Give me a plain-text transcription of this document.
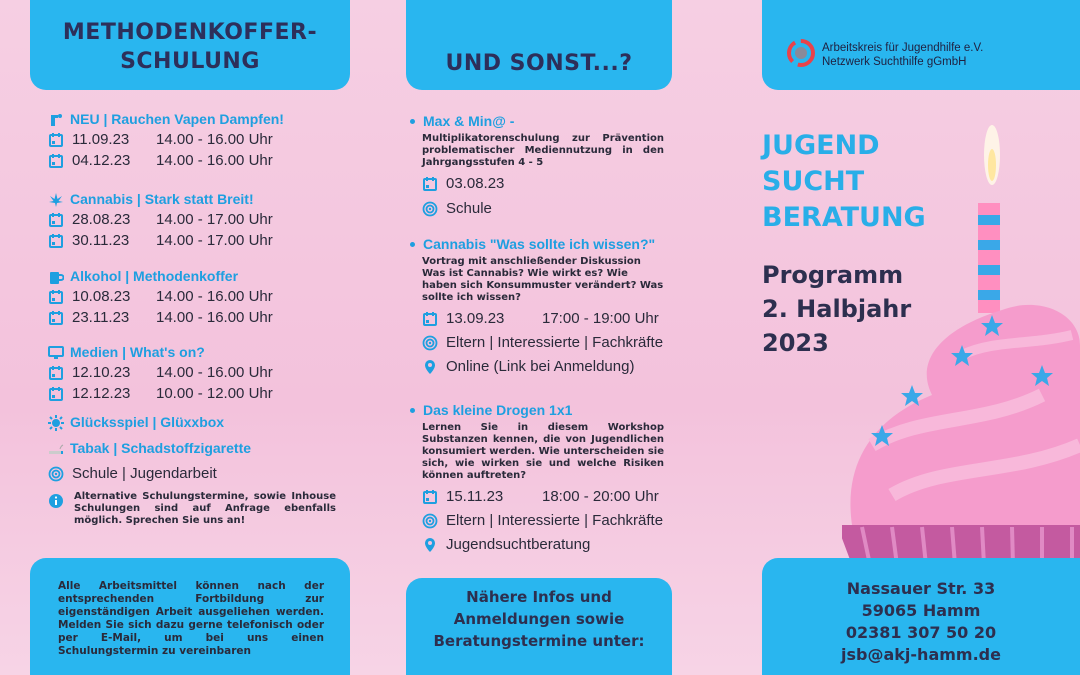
METHODENKOFFER-
SCHULUNG
NEU | Rauchen Vapen Dampfen!
11.09.23	14.00 - 16.00 Uhr
04.12.23	14.00 - 16.00 Uhr
Cannabis | Stark statt Breit!
28.08.23	14.00 - 17.00 Uhr
30.11.23	14.00 - 17.00 Uhr
Alkohol | Methodenkoffer
10.08.23	14.00 - 16.00 Uhr
23.11.23	14.00 - 16.00 Uhr
Medien | What's on?
12.10.23	14.00 - 16.00 Uhr
12.12.23	10.00 - 12.00 Uhr
Glücksspiel | Glüxxbox
Tabak | Schadstoffzigarette
Schule | Jugendarbeit
Alternative Schulungstermine, sowie Inhouse Schulungen sind auf Anfrage ebenfalls möglich. Sprechen Sie uns an!
Alle Arbeitsmittel können nach der entsprechenden Fortbildung zur eigenständigen Arbeit ausgeliehen werden. Melden Sie sich dazu gerne telefonisch oder per E-Mail, um bei uns einen Schulungstermin zu vereinbaren
UND SONST...?
Max & Min@ -
Multiplikatorenschulung zur Prävention problematischer Mediennutzung in den Jahrgangsstufen 4 - 5
03.08.23
Schule
Cannabis "Was sollte ich wissen?"
Vortrag mit anschließender Diskussion Was ist Cannabis? Wie wirkt es? Wie haben sich Konsummuster verändert? Was sollte ich wissen?
13.09.23	17:00 - 19:00 Uhr
Eltern | Interessierte | Fachkräfte
Online (Link bei Anmeldung)
Das kleine Drogen 1x1
Lernen Sie in diesem Workshop Substanzen kennen, die von Jugendlichen konsumiert werden. Wie unterscheiden sie sich, wie wirken sie und welche Risiken können auftreten?
15.11.23	18:00 - 20:00 Uhr
Eltern | Interessierte | Fachkräfte
Jugendsuchtberatung
Nähere Infos und
Anmeldungen sowie
Beratungstermine unter:
Arbeitskreis für Jugendhilfe e.V.
Netzwerk Suchthilfe gGmbH
JUGEND
SUCHT
BERATUNG
Programm
2. Halbjahr
2023
Nassauer Str. 33
59065 Hamm
02381 307 50 20
jsb@akj-hamm.de
